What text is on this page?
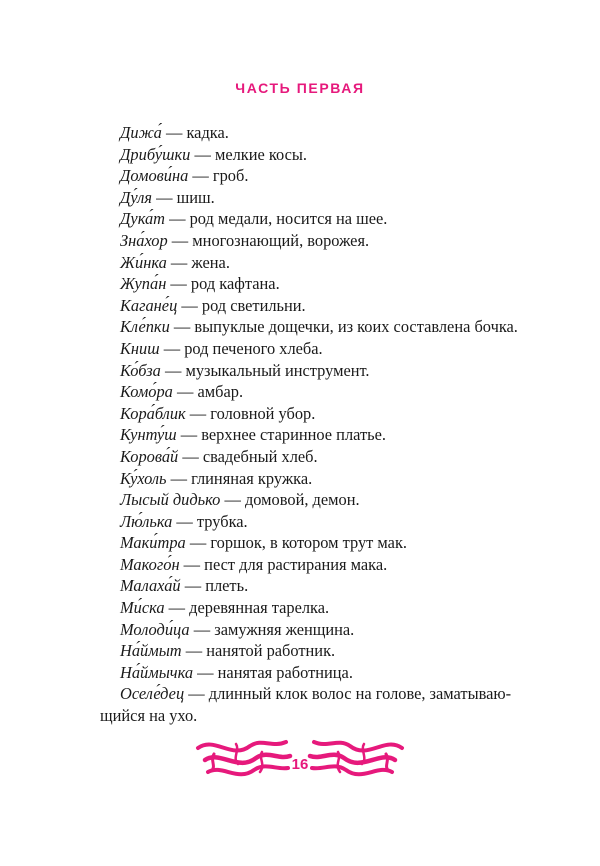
ЧАСТЬ ПЕРВАЯ
Дижа́ — кадка.
Дрибу́шки — мелкие косы.
Домови́на — гроб.
Ду́ля — шиш.
Дука́т — род медали, носится на шее.
Зна́хор — многознающий, ворожея.
Жи́нка — жена.
Жупа́н — род кафтана.
Кагане́ц — род светильни.
Кле́пки — выпуклые дощечки, из коих составлена бочка.
Книш — род печеного хлеба.
Ко́бза — музыкальный инструмент.
Комо́ра — амбар.
Кора́блик — головной убор.
Кунту́ш — верхнее старинное платье.
Корова́й — свадебный хлеб.
Ку́холь — глиняная кружка.
Лысый дидько — домовой, демон.
Лю́лька — трубка.
Маки́тра — горшок, в котором трут мак.
Макого́н — пест для растирания мака.
Малаха́й — плеть.
Ми́ска — деревянная тарелка.
Молоди́ца — замужняя женщина.
На́ймыт — нанятой работник.
На́ймычка — нанятая работница.
Оселе́дец — длинный клок волос на голове, заматываю-
щийся на ухо.
16
